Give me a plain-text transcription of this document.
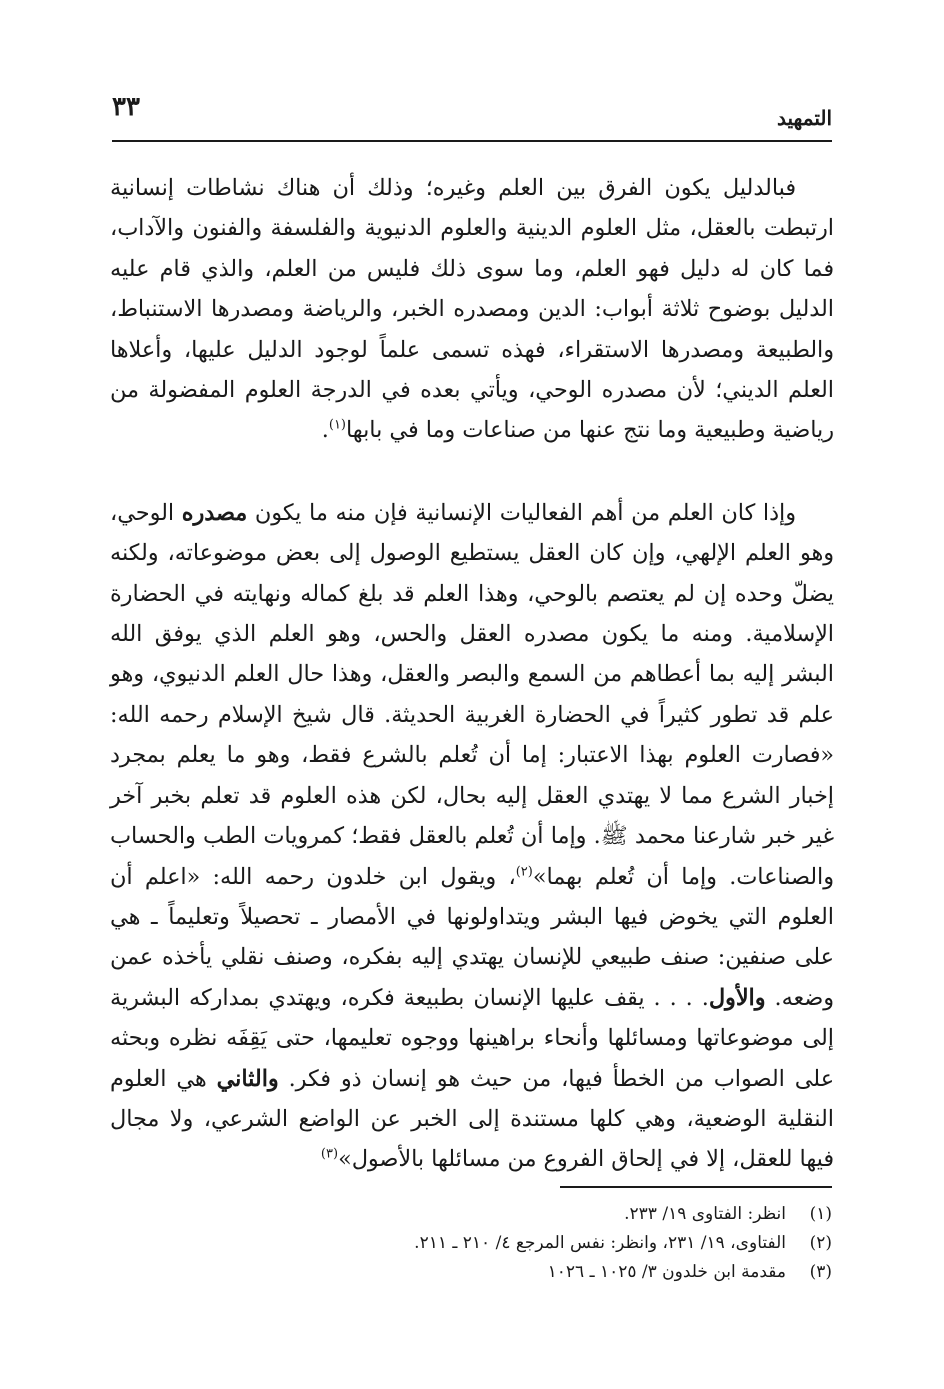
٣٣	التمهيد

فبالدليل يكون الفرق بين العلم وغيره؛ وذلك أن هناك نشاطات إنسانية ارتبطت بالعقل، مثل العلوم الدينية والعلوم الدنيوية والفلسفة والفنون والآداب، فما كان له دليل فهو العلم، وما سوى ذلك فليس من العلم، والذي قام عليه الدليل بوضوح ثلاثة أبواب: الدين ومصدره الخبر، والرياضة ومصدرها الاستنباط، والطبيعة ومصدرها الاستقراء، فهذه تسمى علماً لوجود الدليل عليها، وأعلاها العلم الديني؛ لأن مصدره الوحي، ويأتي بعده في الدرجة العلوم المفضولة من رياضية وطبيعية وما نتج عنها من صناعات وما في بابها$^{(١)}$.

وإذا كان العلم من أهم الفعاليات الإنسانية فإن منه ما يكون مصدره الوحي، وهو العلم الإلهي، وإن كان العقل يستطيع الوصول إلى بعض موضوعاته، ولكنه يضلّ وحده إن لم يعتصم بالوحي، وهذا العلم قد بلغ كماله ونهايته في الحضارة الإسلامية. ومنه ما يكون مصدره العقل والحس، وهو العلم الذي يوفق الله البشر إليه بما أعطاهم من السمع والبصر والعقل، وهذا حال العلم الدنيوي، وهو علم قد تطور كثيراً في الحضارة الغربية الحديثة. قال شيخ الإسلام رحمه الله: «فصارت العلوم بهذا الاعتبار: إما أن تُعلم بالشرع فقط، وهو ما يعلم بمجرد إخبار الشرع مما لا يهتدي العقل إليه بحال، لكن هذه العلوم قد تعلم بخبر آخر غير خبر شارعنا محمد ﷺ. وإما أن تُعلم بالعقل فقط؛ كمرويات الطب والحساب والصناعات. وإما أن تُعلم بهما»$^{(٢)}$، ويقول ابن خلدون رحمه الله: «اعلم أن العلوم التي يخوض فيها البشر ويتداولونها في الأمصار ـ تحصيلاً وتعليماً ـ هي على صنفين: صنف طبيعي للإنسان يهتدي إليه بفكره، وصنف نقلي يأخذه عمن وضعه. والأول. . . . يقف عليها الإنسان بطبيعة فكره، ويهتدي بمداركه البشرية إلى موضوعاتها ومسائلها وأنحاء براهينها ووجوه تعليمها، حتى يَقِفَه نظره وبحثه على الصواب من الخطأ فيها، من حيث هو إنسان ذو فكر. والثاني هي العلوم النقلية الوضعية، وهي كلها مستندة إلى الخبر عن الواضع الشرعي، ولا مجال فيها للعقل، إلا في إلحاق الفروع من مسائلها بالأصول»$^{(٣)}$

(١)
انظر: الفتاوى ١٩/ ٢٣٣.
(٢)
الفتاوى، ١٩/ ٢٣١، وانظر: نفس المرجع ٤/ ٢١٠ ـ ٢١١.
(٣)
مقدمة ابن خلدون ٣/ ١٠٢٥ ـ ١٠٢٦
